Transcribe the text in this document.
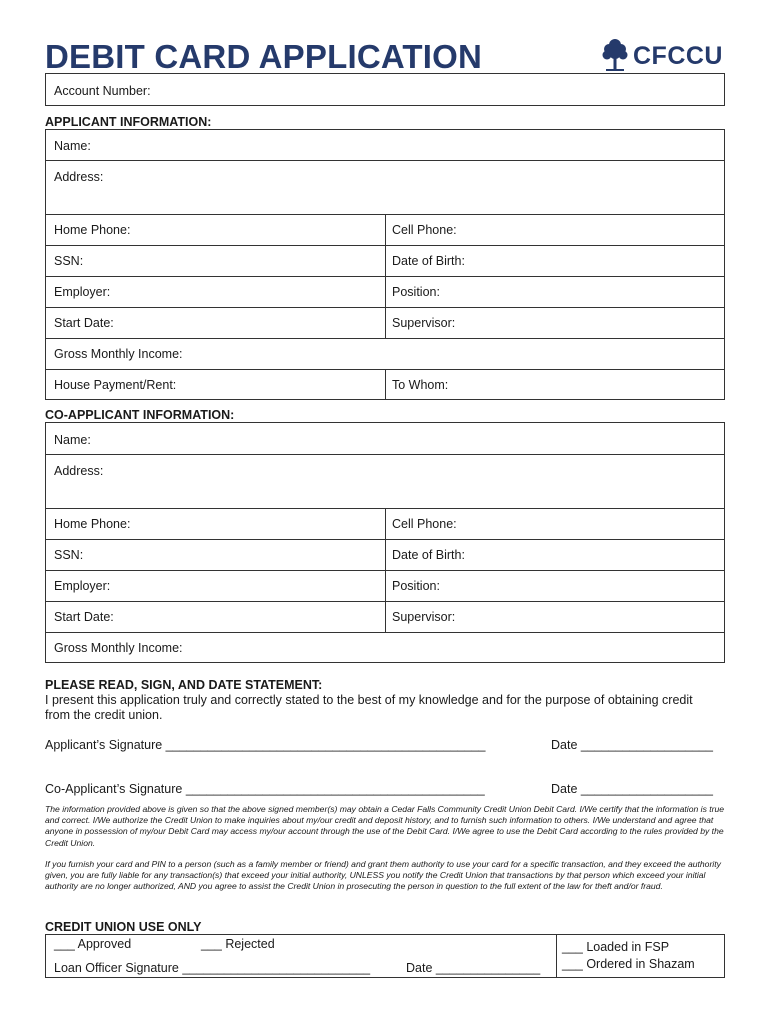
DEBIT CARD APPLICATION	CFCCU
Account Number:
APPLICANT INFORMATION:
Name:
Address:
Home Phone:	Cell Phone:
SSN:	Date of Birth:
Employer:	Position:
Start Date:	Supervisor:
Gross Monthly Income:
House Payment/Rent:	To Whom:
CO-APPLICANT INFORMATION:
Name:
Address:
Home Phone:	Cell Phone:
SSN:	Date of Birth:
Employer:	Position:
Start Date:	Supervisor:
Gross Monthly Income:
PLEASE READ, SIGN, AND DATE STATEMENT:
I present this application truly and correctly stated to the best of my knowledge and for the purpose of obtaining credit
from the credit union.
Applicant’s Signature ______________________________________________	Date ___________________
Co-Applicant’s Signature ___________________________________________	Date ___________________
The information provided above is given so that the above signed member(s) may obtain a Cedar Falls Community Credit Union Debit Card. I/We certify that the information is true and correct. I/We authorize the Credit Union to make inquiries about my/our credit and deposit history, and to furnish such information to others. I/We understand and agree that anyone in possession of my/our Debit Card may access my/our account through the use of the Debit Card. I/We agree to use the Debit Card according to the rules provided by the Credit Union.
If you furnish your card and PIN to a person (such as a family member or friend) and grant them authority to use your card for a specific transaction, and they exceed the authority given, you are fully liable for any transaction(s) that exceed your initial authority, UNLESS you notify the Credit Union that transactions by that person which exceed your initial authority are no longer authorized, AND you agree to assist the Credit Union in prosecuting the person in question to the full extent of the law for theft and/or fraud.
CREDIT UNION USE ONLY
___ Approved	___ Rejected
Loan Officer Signature ___________________________	Date _______________
___ Loaded in FSP
___ Ordered in Shazam
